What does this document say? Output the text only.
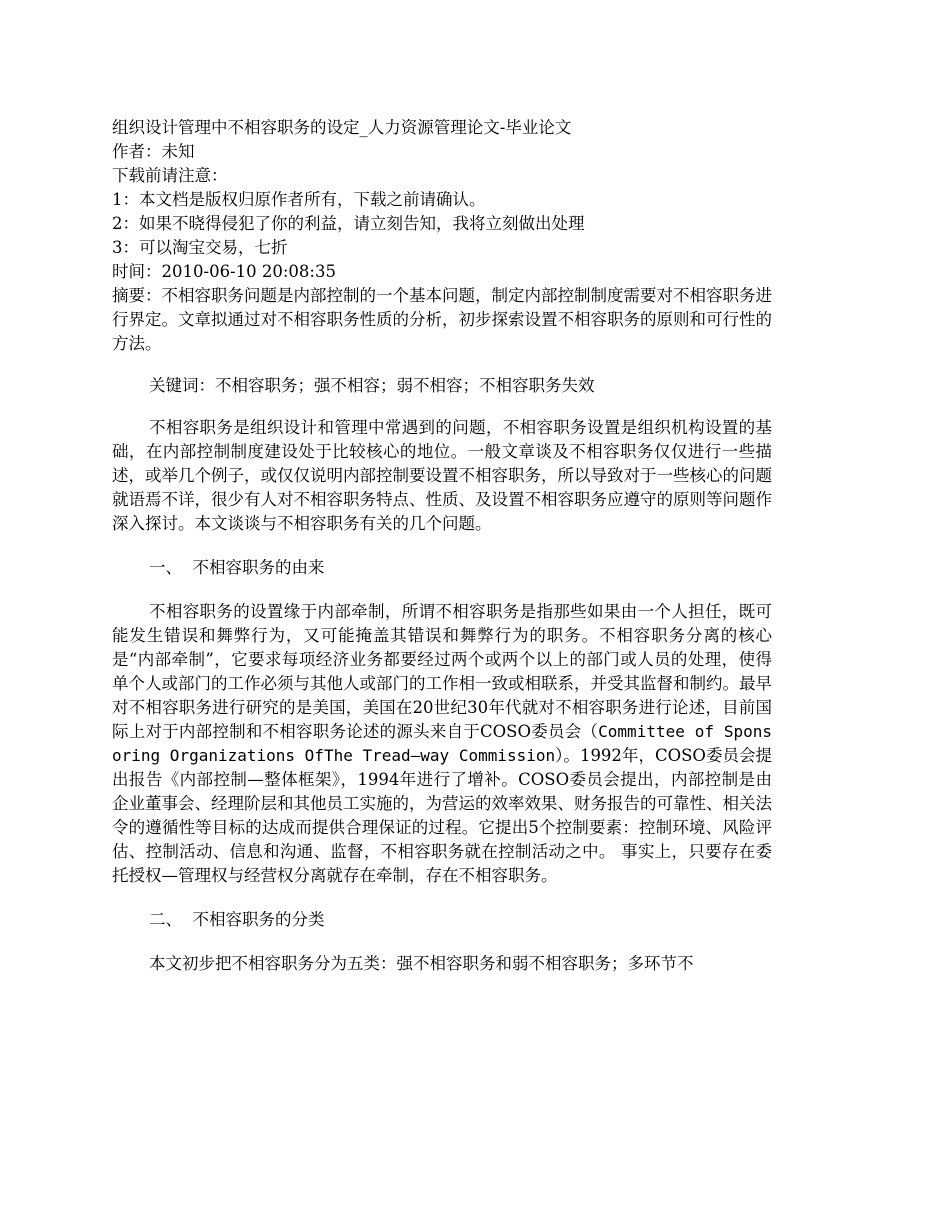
组织设计管理中不相容职务的设定_人力资源管理论文-毕业论文
作者：未知
下载前请注意：
1：本文档是版权归原作者所有，下载之前请确认。
2：如果不晓得侵犯了你的利益，请立刻告知，我将立刻做出处理
3：可以淘宝交易，七折
时间：2010-06-10 20:08:35
摘要：不相容职务问题是内部控制的一个基本问题，制定内部控制制度需要对不相容职务进行界定。文章拟通过对不相容职务性质的分析，初步探索设置不相容职务的原则和可行性的方法。
关键词：不相容职务；强不相容；弱不相容；不相容职务失效
不相容职务是组织设计和管理中常遇到的问题，不相容职务设置是组织机构设置的基础，在内部控制制度建设处于比较核心的地位。一般文章谈及不相容职务仅仅进行一些描述，或举几个例子，或仅仅说明内部控制要设置不相容职务，所以导致对于一些核心的问题就语焉不详，很少有人对不相容职务特点、性质、及设置不相容职务应遵守的原则等问题作深入探讨。本文谈谈与不相容职务有关的几个问题。
一、  不相容职务的由来
不相容职务的设置缘于内部牵制，所谓不相容职务是指那些如果由一个人担任，既可能发生错误和舞弊行为，又可能掩盖其错误和舞弊行为的职务。不相容职务分离的核心是“内部牵制”，它要求每项经济业务都要经过两个或两个以上的部门或人员的处理，使得单个人或部门的工作必须与其他人或部门的工作相一致或相联系，并受其监督和制约。最早对不相容职务进行研究的是美国，美国在20世纪30年代就对不相容职务进行论述，目前国际上对于内部控制和不相容职务论述的源头来自于COSO委员会（Committee of Sponsoring Organizations OfThe Tread—way Commission）。1992年，COSO委员会提出报告《内部控制—整体框架》，1994年进行了增补。COSO委员会提出，内部控制是由企业董事会、经理阶层和其他员工实施的，为营运的效率效果、财务报告的可靠性、相关法令的遵循性等目标的达成而提供合理保证的过程。它提出5个控制要素：控制环境、风险评估、控制活动、信息和沟通、监督，不相容职务就在控制活动之中。 事实上，只要存在委托授权—管理权与经营权分离就存在牵制，存在不相容职务。
二、  不相容职务的分类
本文初步把不相容职务分为五类：强不相容职务和弱不相容职务；多环节不
